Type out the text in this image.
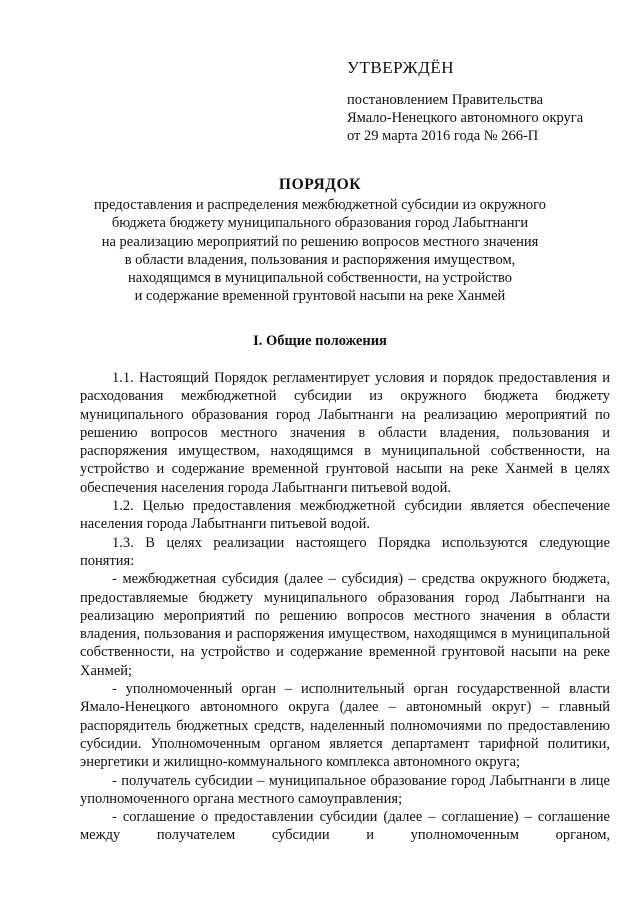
УТВЕРЖДЁН
постановлением Правительства
Ямало-Ненецкого автономного округа
от 29 марта 2016 года № 266-П
ПОРЯДОК
предоставления и распределения межбюджетной субсидии из окружного
бюджета бюджету муниципального образования город Лабытнанги
на реализацию мероприятий по решению вопросов местного значения
в области владения, пользования и распоряжения имуществом,
находящимся в муниципальной собственности, на устройство
и содержание временной грунтовой насыпи на реке Ханмей
I. Общие положения

1.1. Настоящий Порядок регламентирует условия и порядок предоставления и расходования межбюджетной субсидии из окружного бюджета бюджету муниципального образования город Лабытнанги на реализацию мероприятий по решению вопросов местного значения в области владения, пользования и распоряжения имуществом, находящимся в муниципальной собственности, на устройство и содержание временной грунтовой насыпи на реке Ханмей в целях обеспечения населения города Лабытнанги питьевой водой.

1.2. Целью предоставления межбюджетной субсидии является обеспечение населения города Лабытнанги питьевой водой.

1.3. В целях реализации настоящего Порядка используются следующие понятия:

- межбюджетная субсидия (далее – субсидия) – средства окружного бюджета, предоставляемые бюджету муниципального образования город Лабытнанги на реализацию мероприятий по решению вопросов местного значения в области владения, пользования и распоряжения имуществом, находящимся в муниципальной собственности, на устройство и содержание временной грунтовой насыпи на реке Ханмей;

- уполномоченный орган – исполнительный орган государственной власти Ямало-Ненецкого автономного округа (далее – автономный округ) – главный распорядитель бюджетных средств, наделенный полномочиями по предоставлению субсидии. Уполномоченным органом является департамент тарифной политики, энергетики и жилищно-коммунального комплекса автономного округа;

- получатель субсидии – муниципальное образование город Лабытнанги в лице уполномоченного органа местного самоуправления;

- соглашение о предоставлении субсидии (далее – соглашение) – соглашение между получателем субсидии и уполномоченным органом,
